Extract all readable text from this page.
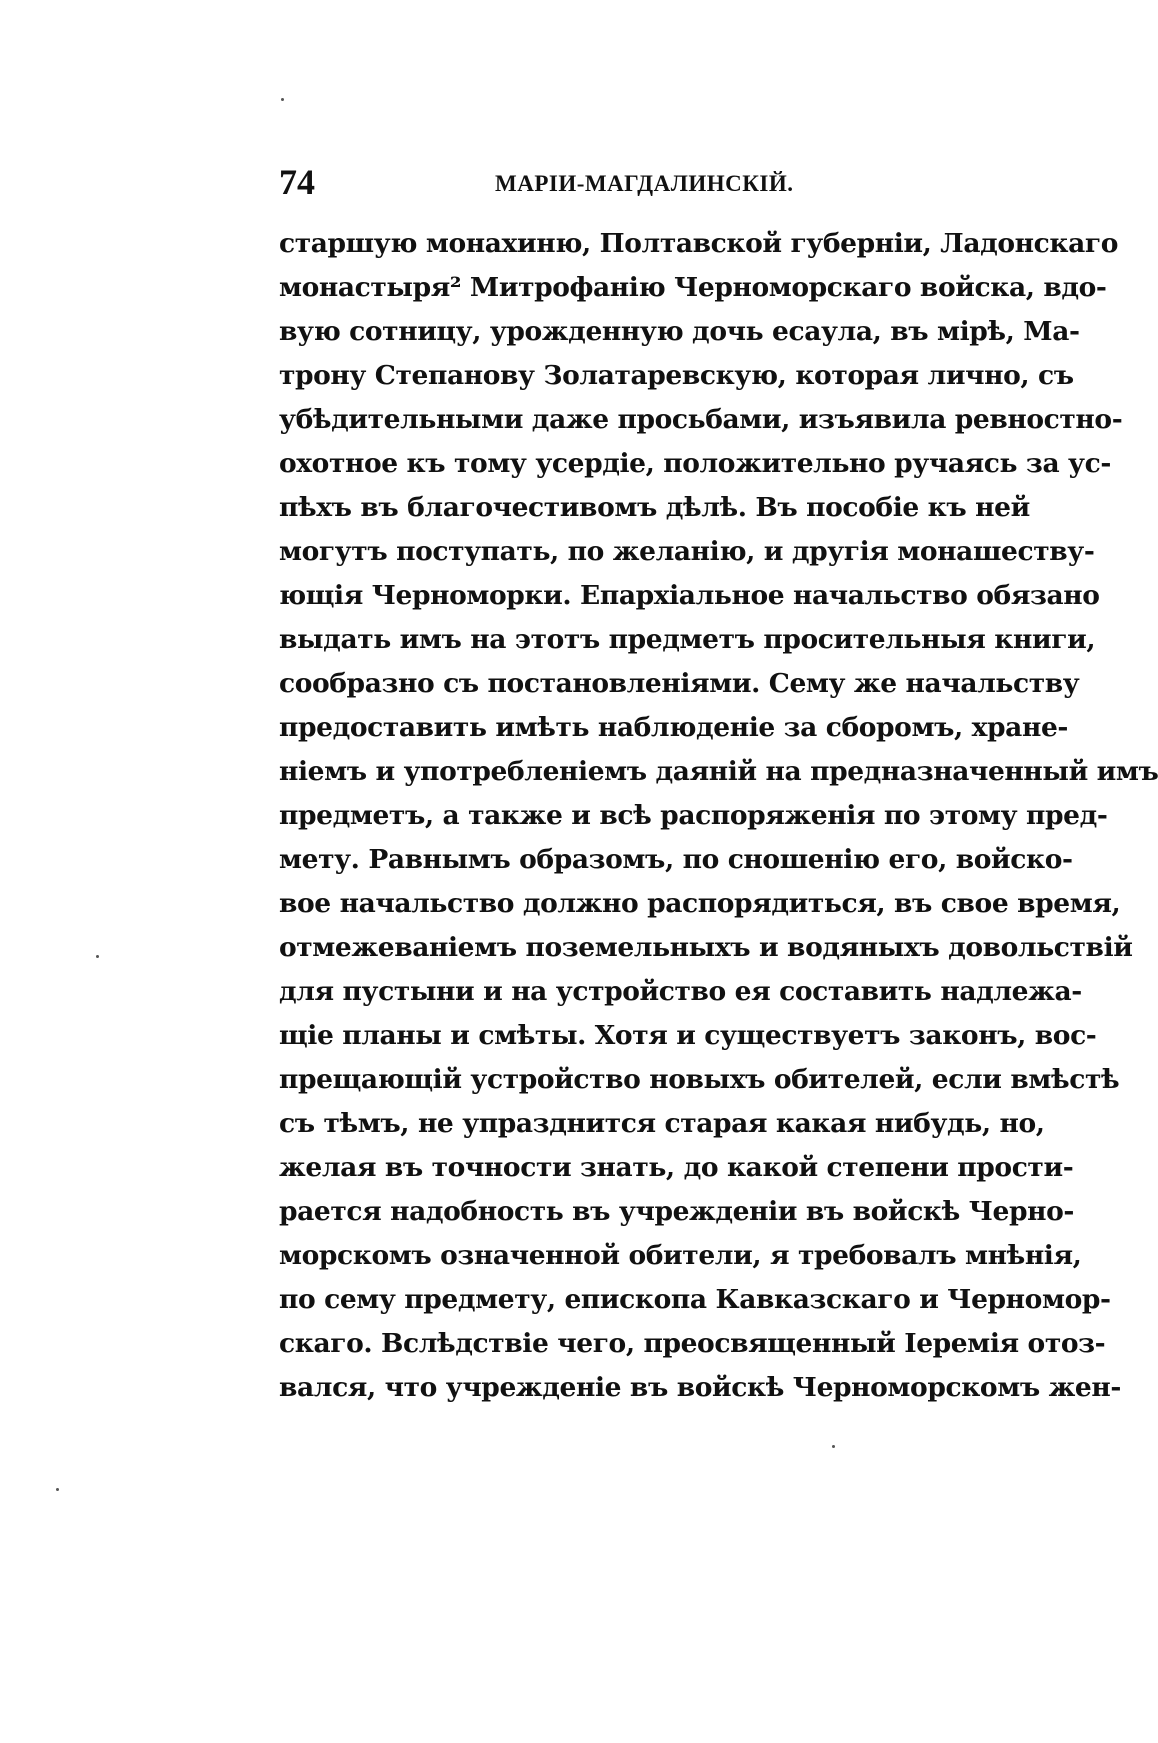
74	МАРІИ-МАГДАЛИНСКІЙ.
старшую монахиню, Полтавской губерніи, Ладонскаго
монастыря² Митрофанію Черноморскаго войска, вдо-
вую сотницу, урожденную дочь есаула, въ мірѣ, Ма-
трону Степанову Золатаревскую, которая лично, съ
убѣдительными даже просьбами, изъявила ревностно-
охотное къ тому усердіе, положительно ручаясь за ус-
пѣхъ въ благочестивомъ дѣлѣ. Въ пособіе къ ней
могутъ поступать, по желанію, и другія монашеству-
ющія Черноморки. Епархіальное начальство обязано
выдать имъ на этотъ предметъ просительныя книги,
сообразно съ постановленіями. Сему же начальству
предоставить имѣть наблюденіе за сборомъ, хране-
ніемъ и употребленіемъ даяній на предназначенный имъ
предметъ, а также и всѣ распоряженія по этому пред-
мету. Равнымъ образомъ, по сношенію его, войско-
вое начальство должно распорядиться, въ свое время,
отмежеваніемъ поземельныхъ и водяныхъ довольствій
для пустыни и на устройство ея составить надлежа-
щіе планы и смѣты. Хотя и существуетъ законъ, вос-
прещающій устройство новыхъ обителей, если вмѣстѣ
съ тѣмъ, не упразднится старая какая нибудь, но,
желая въ точности знать, до какой степени прости-
рается надобность въ учрежденіи въ войскѣ Черно-
морскомъ означенной обители, я требовалъ мнѣнія,
по сему предмету, епископа Кавказскаго и Черномор-
скаго. Вслѣдствіе чего, преосвященный Іеремія отоз-
вался, что учрежденіе въ войскѣ Черноморскомъ жен-
